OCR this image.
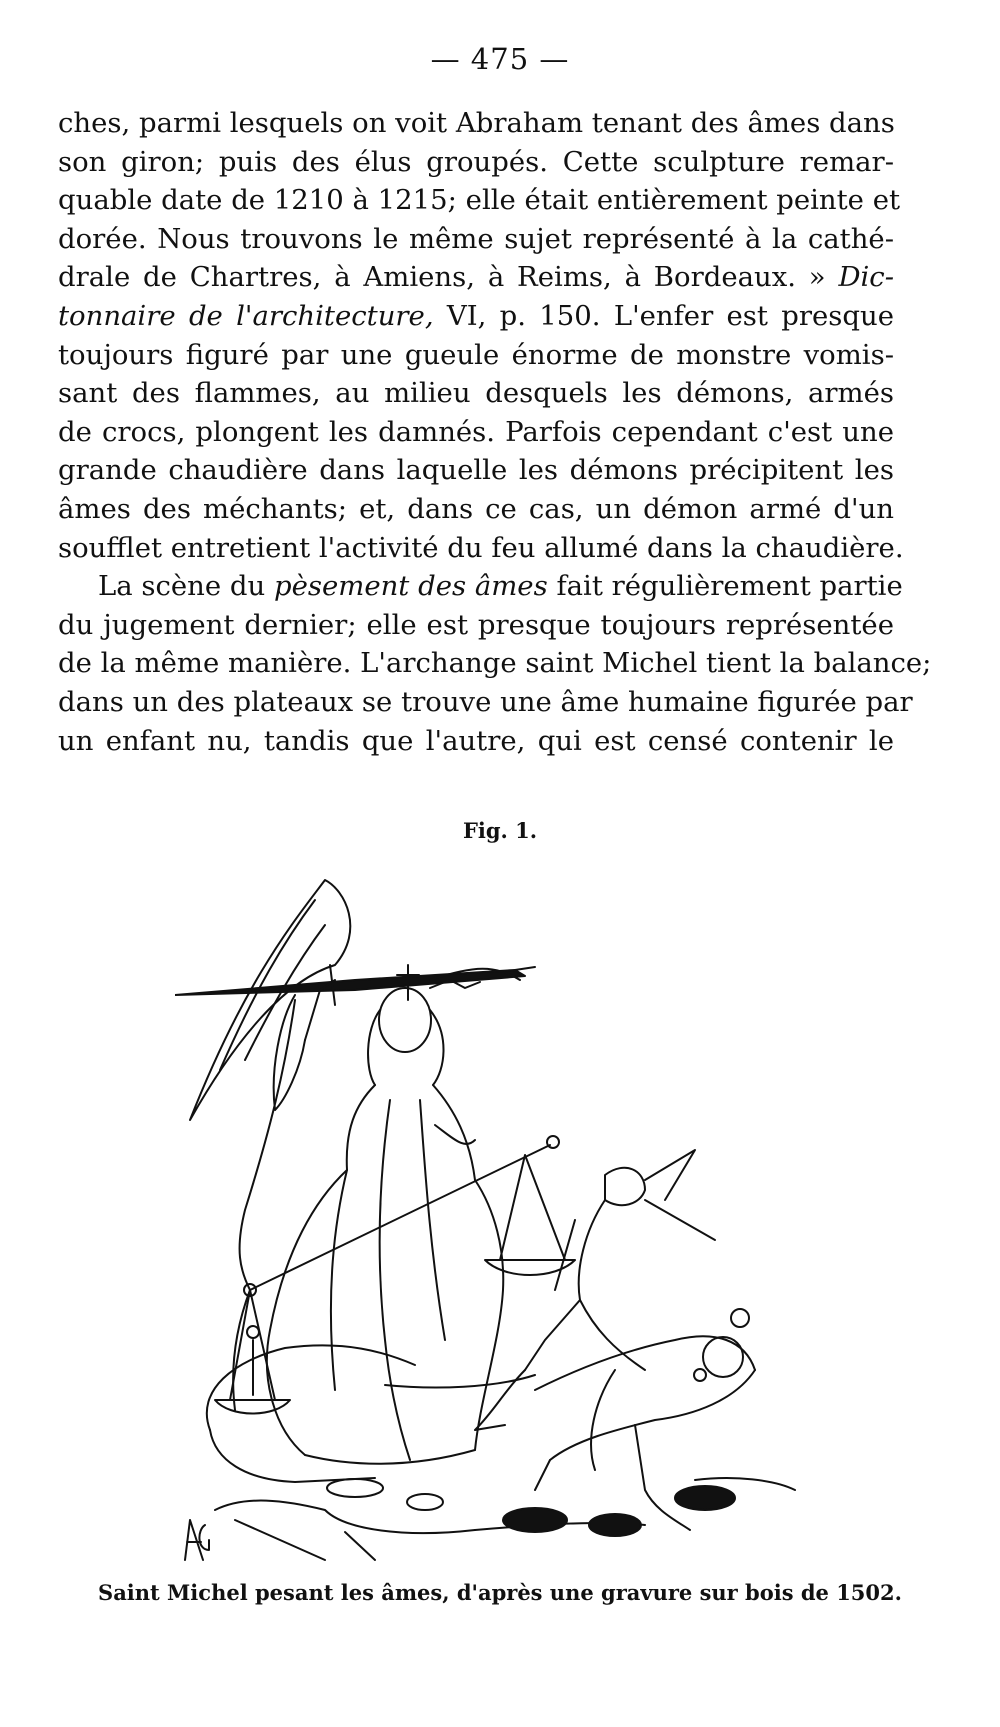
— 475 —
ches, parmi lesquels on voit Abraham tenant des âmes dans
son giron; puis des élus groupés. Cette sculpture remar-
quable date de 1210 à 1215; elle était entièrement peinte et
dorée. Nous trouvons le même sujet représenté à la cathé-
drale de Chartres, à Amiens, à Reims, à Bordeaux. » Dic-
tonnaire de l'architecture, VI, p. 150. L'enfer est presque
toujours figuré par une gueule énorme de monstre vomis-
sant des flammes, au milieu desquels les démons, armés
de crocs, plongent les damnés. Parfois cependant c'est une
grande chaudière dans laquelle les démons précipitent les
âmes des méchants; et, dans ce cas, un démon armé d'un
soufflet entretient l'activité du feu allumé dans la chaudière.
La scène du pèsement des âmes fait régulièrement partie
du jugement dernier; elle est presque toujours représentée
de la même manière. L'archange saint Michel tient la balance;
dans un des plateaux se trouve une âme humaine figurée par
un enfant nu, tandis que l'autre, qui est censé contenir le
Fig. 1.
Saint Michel pesant les âmes, d'après une gravure sur bois de 1502.
